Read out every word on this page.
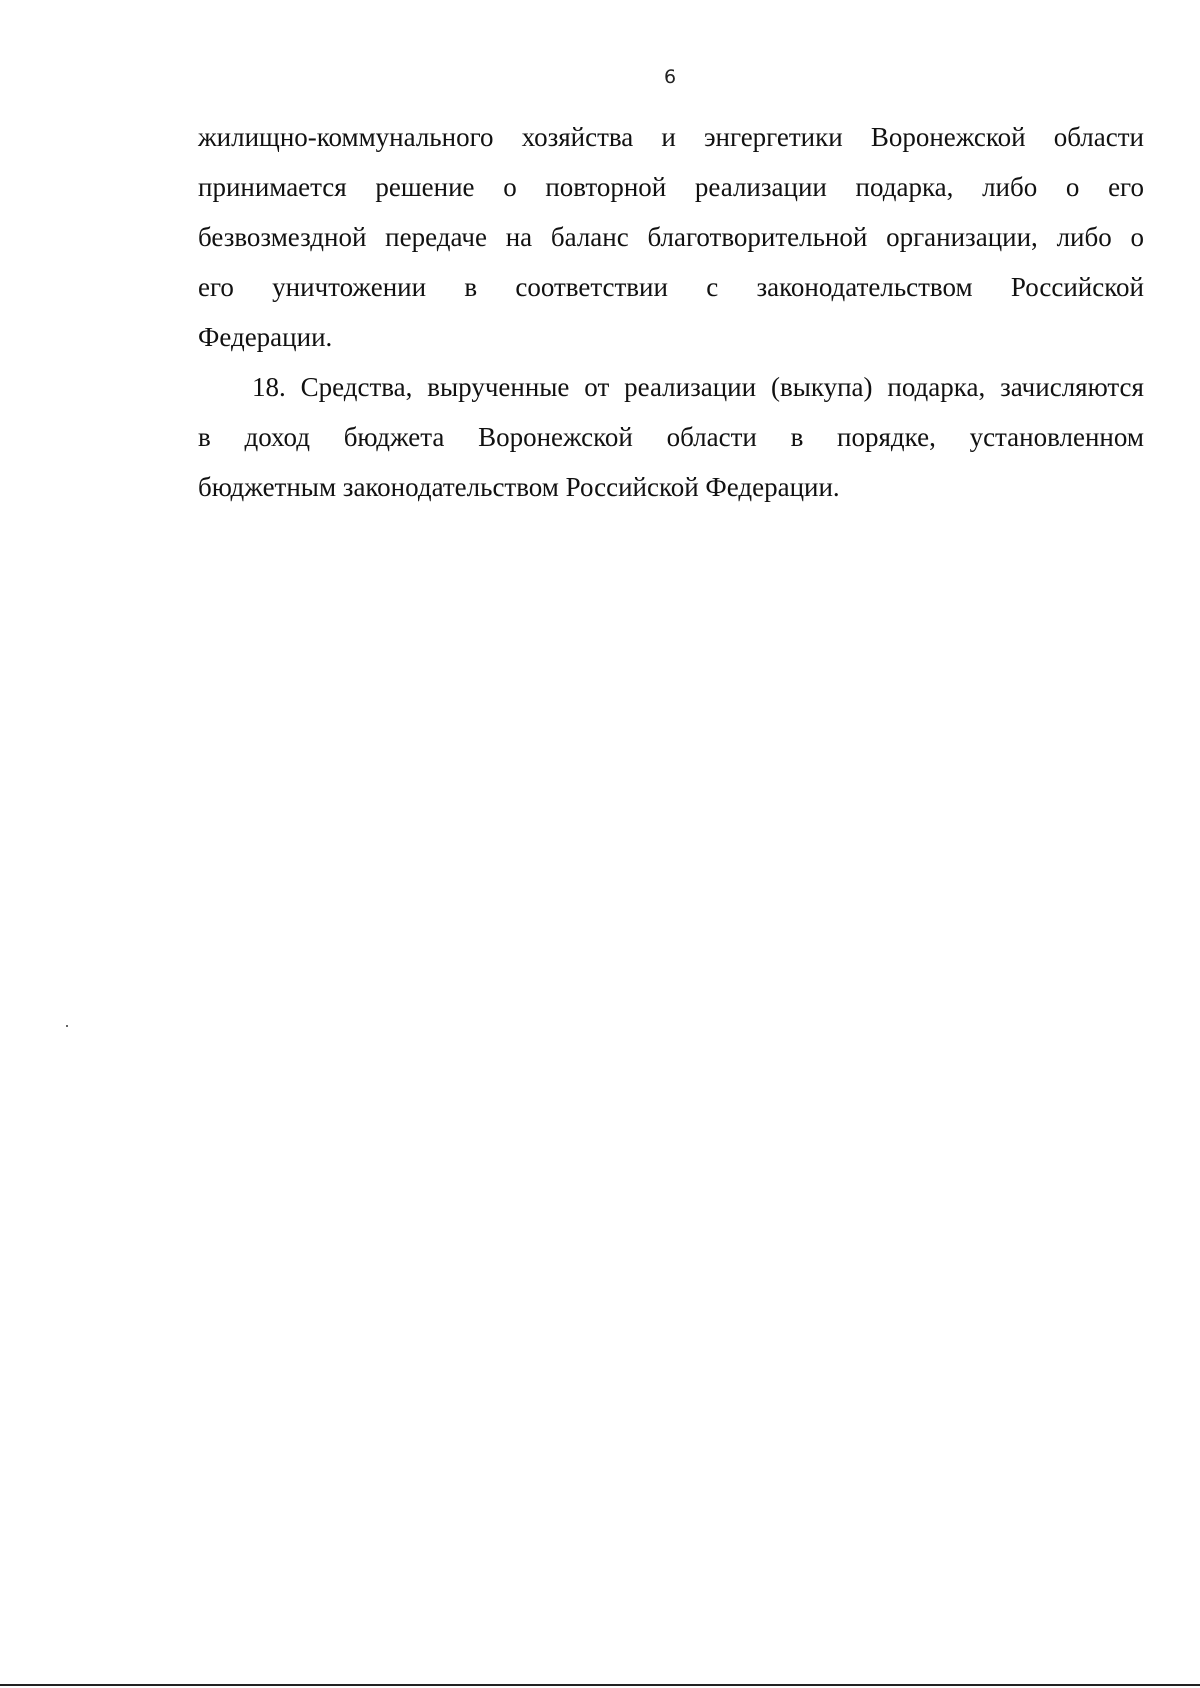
6
жилищно-коммунального хозяйства и энгергетики Воронежской области
принимается решение о повторной реализации подарка, либо о его
безвозмездной передаче на баланс благотворительной организации, либо о
его уничтожении в соответствии с законодательством Российской
Федерации.
18. Средства, вырученные от реализации (выкупа) подарка, зачисляются
в доход бюджета Воронежской области в порядке, установленном
бюджетным законодательством Российской Федерации.
